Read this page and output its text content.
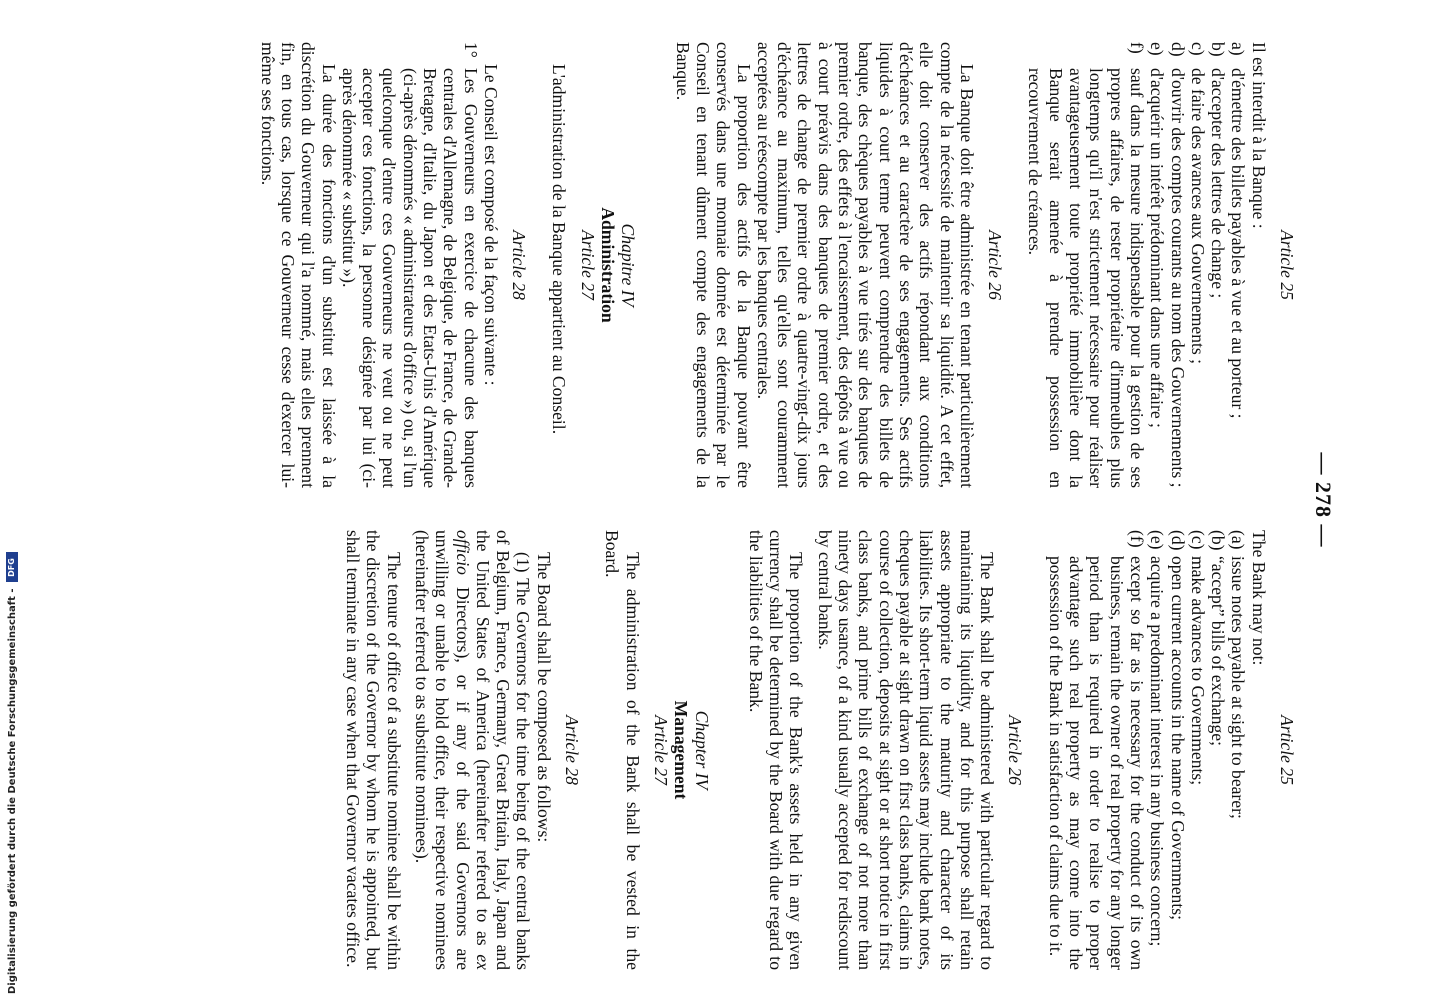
— 278 —
Article 25

Il est interdit à la Banque :

a)
d'émettre des billets payables à vue et au porteur ;
b)
d'accepter des lettres de change ;
c)
de faire des avances aux Gouvernements ;
d)
d'ouvrir des comptes courants au nom des Gouvernements ;
e)
d'acquérir un intérêt prédominant dans une affaire ;
f)
sauf dans la mesure indispensable pour la gestion de ses propres affaires, de rester propriétaire d'immeubles plus longtemps qu'il n'est strictement nécessaire pour réaliser avantageusement toute propriété immobilière dont la Banque serait amenée à prendre possession en recouvrement de créances.
Article 26

La Banque doit être administrée en tenant particulièrement compte de la nécessité de maintenir sa liquidité. A cet effet, elle doit conserver des actifs répondant aux conditions d'échéances et au caractère de ses engagements. Ses actifs liquides à court terme peuvent comprendre des billets de banque, des chèques payables à vue tirés sur des banques de premier ordre, des effets à l'encaissement, des dépôts à vue ou à court préavis dans des banques de premier ordre, et des lettres de change de premier ordre à quatre-vingt-dix jours d'échéance au maximum, telles qu'elles sont couramment acceptées au réescompte par les banques centrales.

La proportion des actifs de la Banque pouvant être conservés dans une monnaie donnée est déterminée par le Conseil en tenant dûment compte des engagements de la Banque.

Chapitre IV
Administration
Article 27

L'administration de la Banque appartient au Conseil.

Article 28

Le Conseil est composé de la façon suivante :

1°
Les Gouverneurs en exercice de chacune des banques centrales d'Allemagne, de Belgique, de France, de Grande-Bretagne, d'Italie, du Japon et des Etats-Unis d'Amérique (ci-après dénommés « administrateurs d'office ») ou, si l'un quelconque d'entre ces Gouverneurs ne veut ou ne peut accepter ces fonctions, la personne désignée par lui (ci-après dénommée « substitut »).

La durée des fonctions d'un substitut est laissée à la discrétion du Gouverneur qui l'a nommé, mais elles prennent fin, en tous cas, lorsque ce Gouverneur cesse d'exercer lui-même ses fonctions.

Article 25

The Bank may not:

(a)
issue notes payable at sight to bearer;
(b)
“accept” bills of exchange;
(c)
make advances to Governments;
(d)
open current accounts in the name of Governments;
(e)
acquire a predominant interest in any business concern;
(f)
except so far as is necessary for the conduct of its own business, remain the owner of real property for any longer period than is required in order to realise to proper advantage such real property as may come into the possession of the Bank in satisfaction of claims due to it.
Article 26

The Bank shall be administered with particular regard to maintaining its liquidity, and for this purpose shall retain assets appropriate to the maturity and character of its liabilities. Its short-term liquid assets may include bank notes, cheques payable at sight drawn on first class banks, claims in course of collection, deposits at sight or at short notice in first class banks, and prime bills of exchange of not more than ninety days usance, of a kind usually accepted for rediscount by central banks.

The proportion of the Bank's assets held in any given currency shall be determined by the Board with due regard to the liabilities of the Bank.

Chapter IV
Management
Article 27

The administration of the Bank shall be vested in the Board.

Article 28

The Board shall be composed as follows:

(1) The Governors for the time being of the central banks of Belgium, France, Germany, Great Britain, Italy, Japan and the United States of America (hereinafter refered to as ex officio Directors), or if any of the said Governors are unwilling or unable to hold office, their respective nominees (hereinafter referred to as substitute nominees).

The tenure of office of a substitute nominee shall be within the discretion of the Governor by whom he is appointed, but shall terminate in any case when that Governor vacates office.

Digitalisierung gefördert durch die Deutsche Forschungsgemeinschaft -
DFG
